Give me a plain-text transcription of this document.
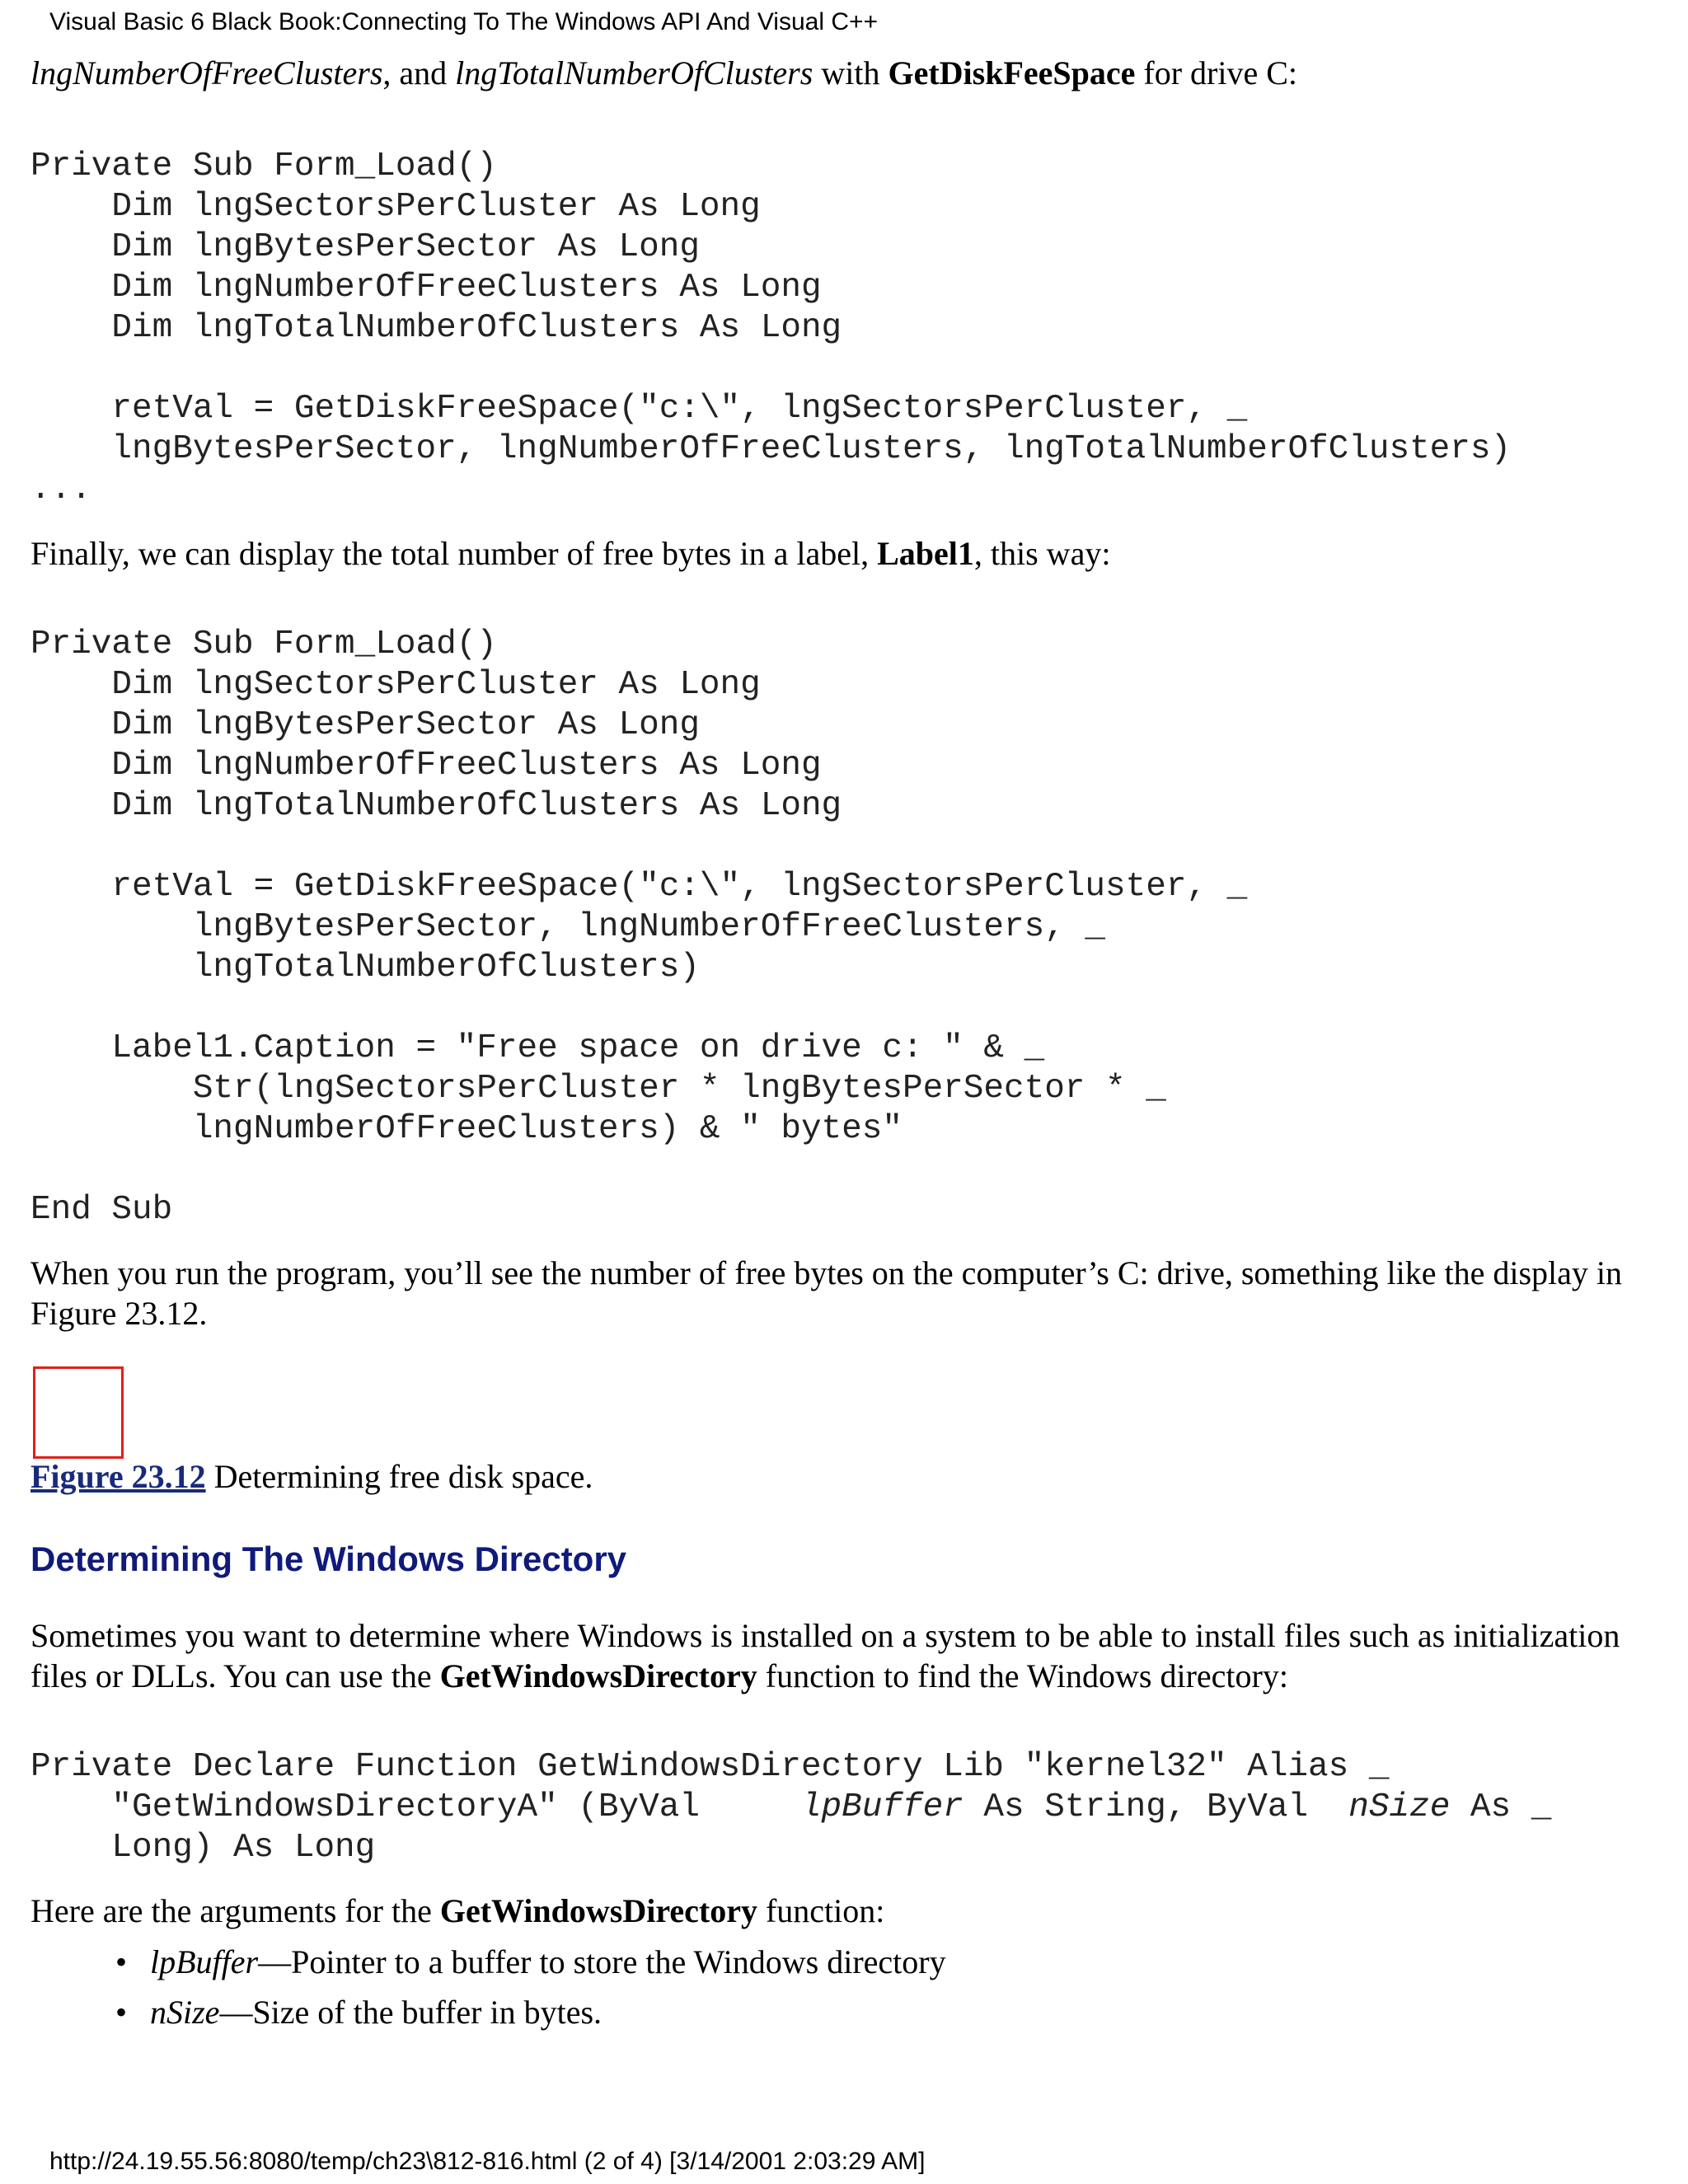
Visual Basic 6 Black Book:Connecting To The Windows API And Visual C++
lngNumberOfFreeClusters, and lngTotalNumberOfClusters with GetDiskFeeSpace for drive C:
Private Sub Form_Load()
Dim lngSectorsPerCluster As Long
Dim lngBytesPerSector As Long
Dim lngNumberOfFreeClusters As Long
Dim lngTotalNumberOfClusters As Long

retVal = GetDiskFreeSpace("c:\", lngSectorsPerCluster, _
lngBytesPerSector, lngNumberOfFreeClusters, lngTotalNumberOfClusters)
...
Finally, we can display the total number of free bytes in a label, Label1, this way:
Private Sub Form_Load()
Dim lngSectorsPerCluster As Long
Dim lngBytesPerSector As Long
Dim lngNumberOfFreeClusters As Long
Dim lngTotalNumberOfClusters As Long

retVal = GetDiskFreeSpace("c:\", lngSectorsPerCluster, _
lngBytesPerSector, lngNumberOfFreeClusters, _
lngTotalNumberOfClusters)

Label1.Caption = "Free space on drive c: " & _
Str(lngSectorsPerCluster * lngBytesPerSector * _
lngNumberOfFreeClusters) & " bytes"

End Sub
When you run the program, you’ll see the number of free bytes on the computer’s C: drive, something like the display in Figure 23.12.
Figure 23.12 Determining free disk space.
Determining The Windows Directory
Sometimes you want to determine where Windows is installed on a system to be able to install files such as initialization files or DLLs. You can use the GetWindowsDirectory function to find the Windows directory:
Private Declare Function GetWindowsDirectory Lib "kernel32" Alias _
"GetWindowsDirectoryA" (ByVal     lpBuffer As String, ByVal  nSize As _
Long) As Long
Here are the arguments for the GetWindowsDirectory function:
• lpBuffer—Pointer to a buffer to store the Windows directory
• nSize—Size of the buffer in bytes.
http://24.19.55.56:8080/temp/ch23\812-816.html (2 of 4) [3/14/2001 2:03:29 AM]
